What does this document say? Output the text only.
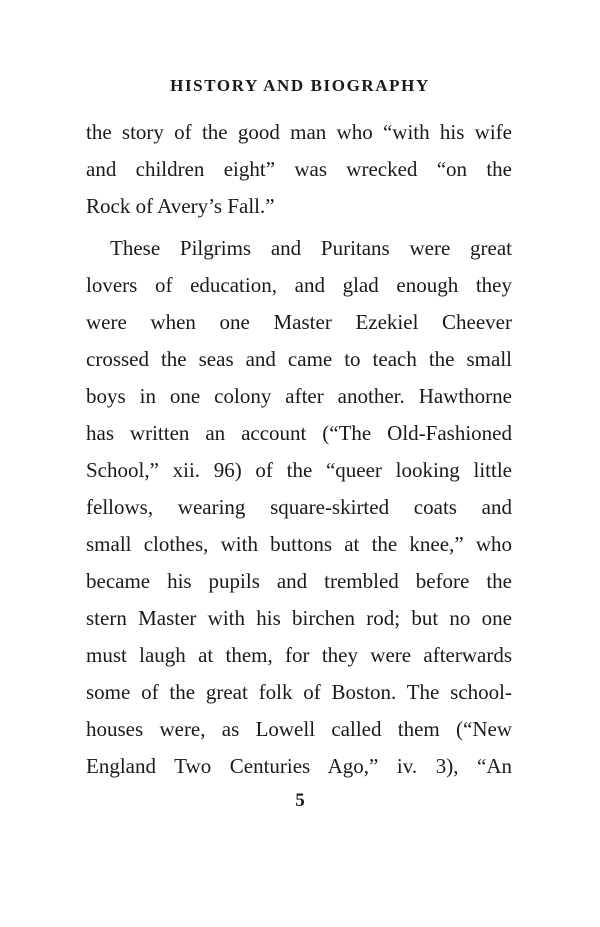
HISTORY AND BIOGRAPHY
the story of the good man who “with his wife
and children eight” was wrecked “on the
Rock of Avery’s Fall.”
These Pilgrims and Puritans were great
lovers of education, and glad enough they
were when one Master Ezekiel Cheever
crossed the seas and came to teach the small
boys in one colony after another. Hawthorne
has written an account (“The Old-Fashioned
School,” xii. 96) of the “queer looking little
fellows, wearing square-skirted coats and
small clothes, with buttons at the knee,” who
became his pupils and trembled before the
stern Master with his birchen rod; but no one
must laugh at them, for they were afterwards
some of the great folk of Boston. The school-
houses were, as Lowell called them (“New
England Two Centuries Ago,” iv. 3), “An
5
